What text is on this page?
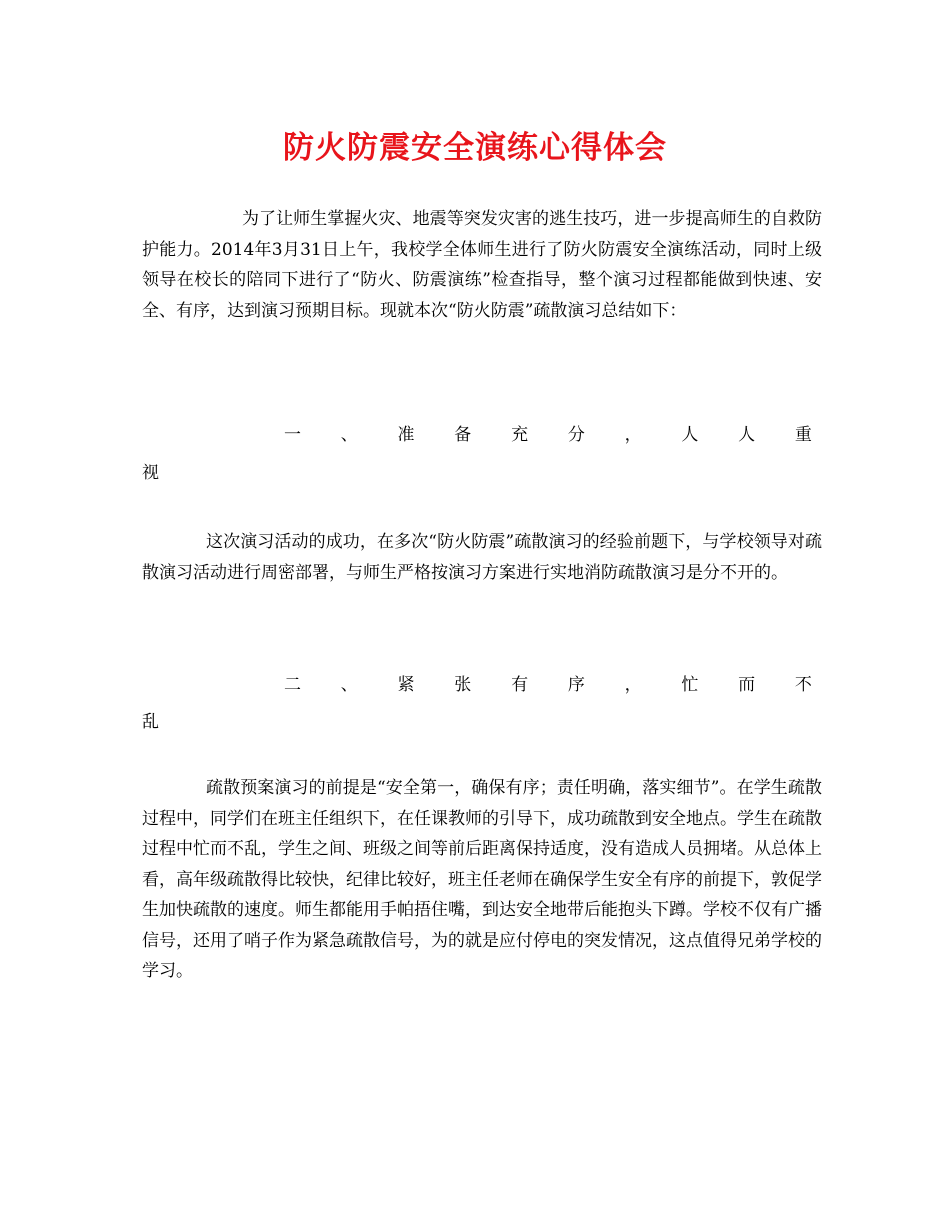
防火防震安全演练心得体会

为了让师生掌握火灾、地震等突发灾害的逃生技巧，进一步提高师生的自救防护能力。2014年3月31日上午，我校学全体师生进行了防火防震安全演练活动，同时上级领导在校长的陪同下进行了“防火、防震演练”检查指导，整个演习过程都能做到快速、安全、有序，达到演习预期目标。现就本次“防火防震”疏散演习总结如下：

一 、 准 备 充 分 ， 人 人 重
视

这次演习活动的成功，在多次“防火防震”疏散演习的经验前题下，与学校领导对疏散演习活动进行周密部署，与师生严格按演习方案进行实地消防疏散演习是分不开的。

二 、 紧 张 有 序 ， 忙 而 不
乱

疏散预案演习的前提是“安全第一，确保有序；责任明确，落实细节”。在学生疏散过程中，同学们在班主任组织下，在任课教师的引导下，成功疏散到安全地点。学生在疏散过程中忙而不乱，学生之间、班级之间等前后距离保持适度，没有造成人员拥堵。从总体上看，高年级疏散得比较快，纪律比较好，班主任老师在确保学生安全有序的前提下，敦促学生加快疏散的速度。师生都能用手帕捂住嘴，到达安全地带后能抱头下蹲。学校不仅有广播信号，还用了哨子作为紧急疏散信号，为的就是应付停电的突发情况，这点值得兄弟学校的学习。
